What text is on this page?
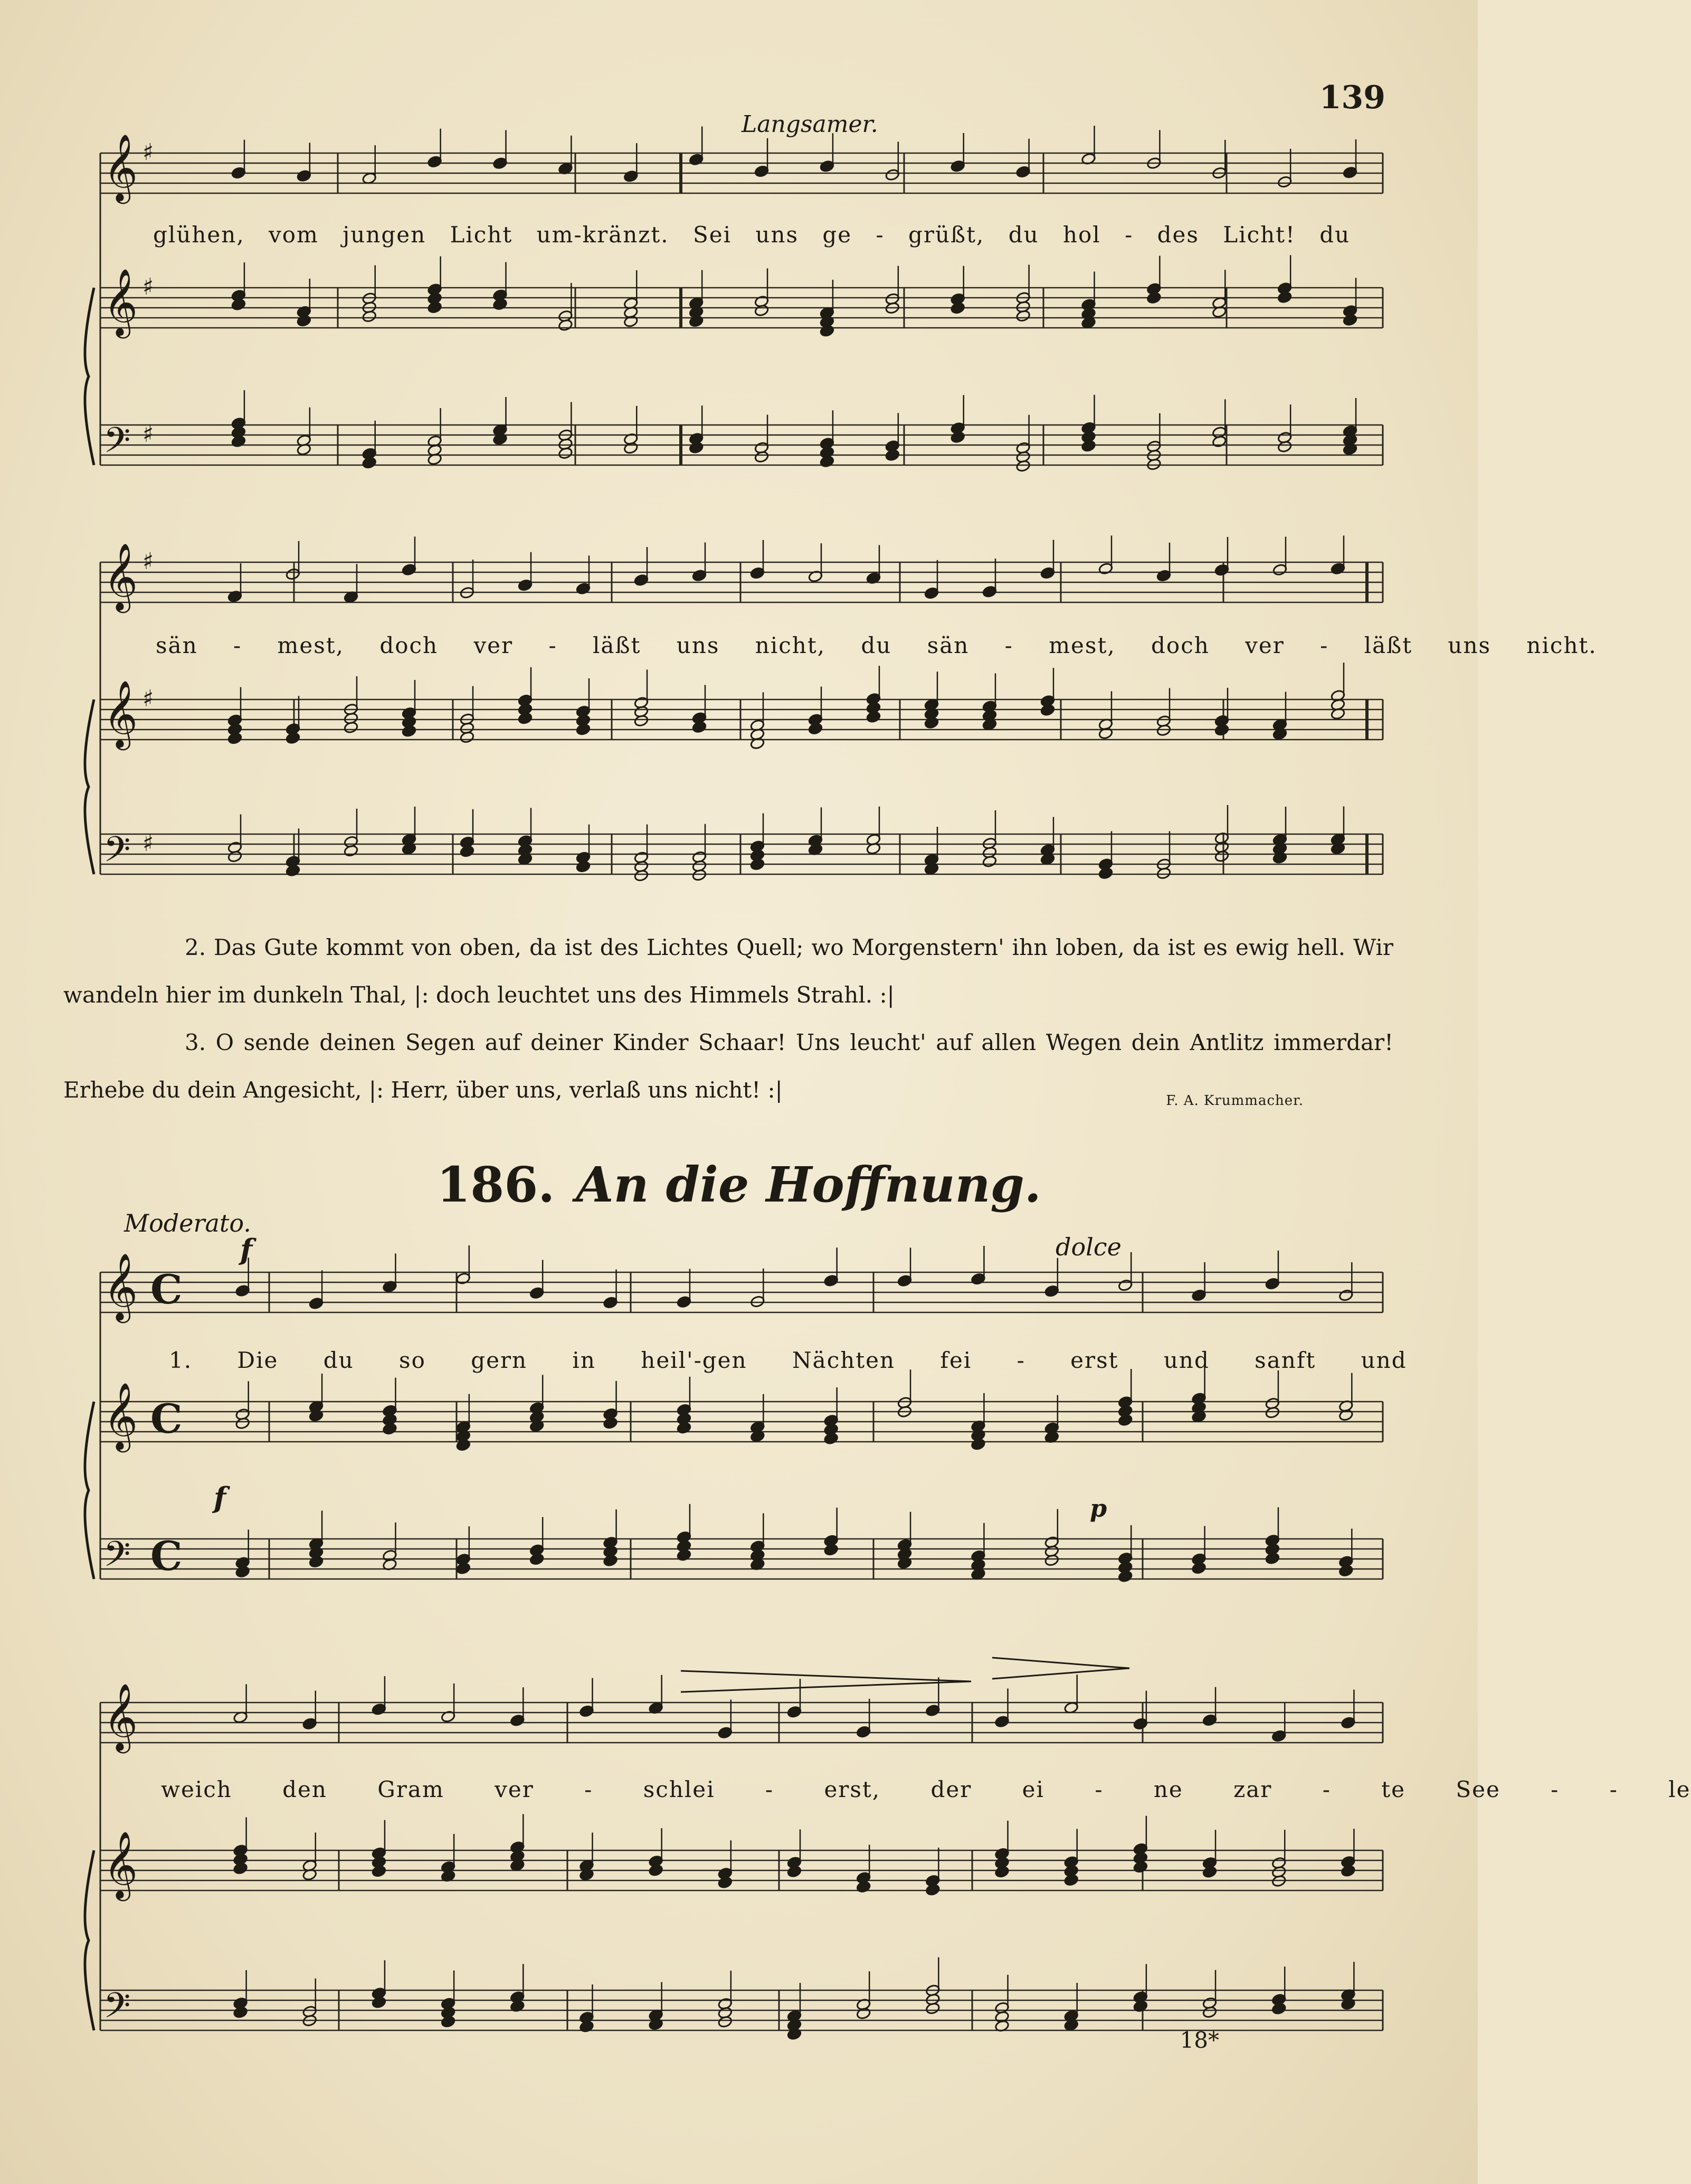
139
Langsamer.
𝄞 ♯
𝄞 ♯
𝄢 ♯
𝄞 ♯
𝄞 ♯
𝄢 ♯
𝄞 C
𝄞 C
𝄢 C
𝄞
𝄞
𝄢
glühen, vom jungen Licht um-kränzt. Sei uns ge - grüßt, du hol - des Licht! du
sän - mest, doch ver - läßt uns nicht, du sän - mest, doch ver - läßt uns nicht.

2. Das Gute kommt von oben, da ist des Lichtes Quell; wo Morgenstern' ihn loben, da ist es ewig hell. Wir wandeln hier im dunkeln Thal, |: doch leuchtet uns des Himmels Strahl. :|

3. O sende deinen Segen auf deiner Kinder Schaar! Uns leucht' auf allen Wegen dein Antlitz immerdar! Erhebe du dein Angesicht, |: Herr, über uns, verlaß uns nicht! :|	F. A. Krummacher.
186. An die Hoffnung.
Moderato.
f	dolce
f	p
1. Die du so gern in heil'-gen Nächten fei - erst und sanft und
weich den Gram ver - schlei - erst, der ei - ne zar - te See - - le
18*
